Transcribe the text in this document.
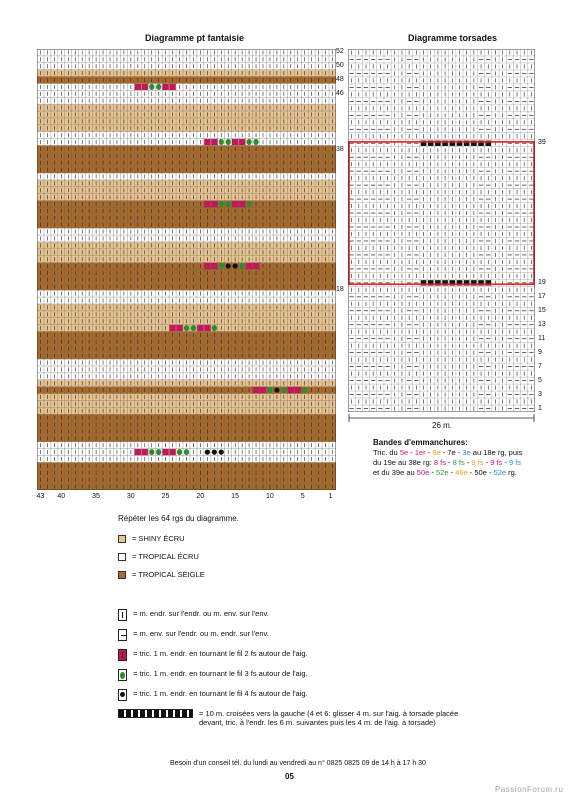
Diagramme pt fantaisie
43 40	35	30	25	20	15	10	5	1
Répéter les 64 rgs du diagramme.
Diagramme torsades
52
50
48
46
38
18
39
19
17
15
13
11
9
7
5
3
1
26 m.
Bandes d'emmanchures:
Tric. du 5e - 1er - 9e - 7e - 3e au 18e rg, puis
du 19e au 38e rg: 8 fs - 8 fs - 9 fs - 9 fs - 9 fs
et du 39e au 50e - 52e - 46e - 50e - 52e rg.
= SHINY ÉCRU
= TROPICAL ÉCRU
= TROPICAL SEIGLE
= m. endr. sur l'endr. ou m. env. sur l'env.
= m. env. sur l'endr. ou m. endr. sur l'env.
= tric. 1 m. endr. en tournant le fil 2 fs autour de l'aig.
= tric. 1 m. endr. en tournant le fil 3 fs autour de l'aig.
= tric. 1 m. endr. en tournant le fil 4 fs autour de l'aig.
= 10 m. croisées vers la gauche (4 et 6: glisser 4 m. sur l'aig. à torsade placée
devant, tric. à l'endr. les 6 m. suivantes puis les 4 m. de l'aig. à torsade)
Besoin d'un conseil tél. du lundi au vendredi au n° 0825 0825 09 de 14 h à 17 h 30
05
PassionForum.ru
